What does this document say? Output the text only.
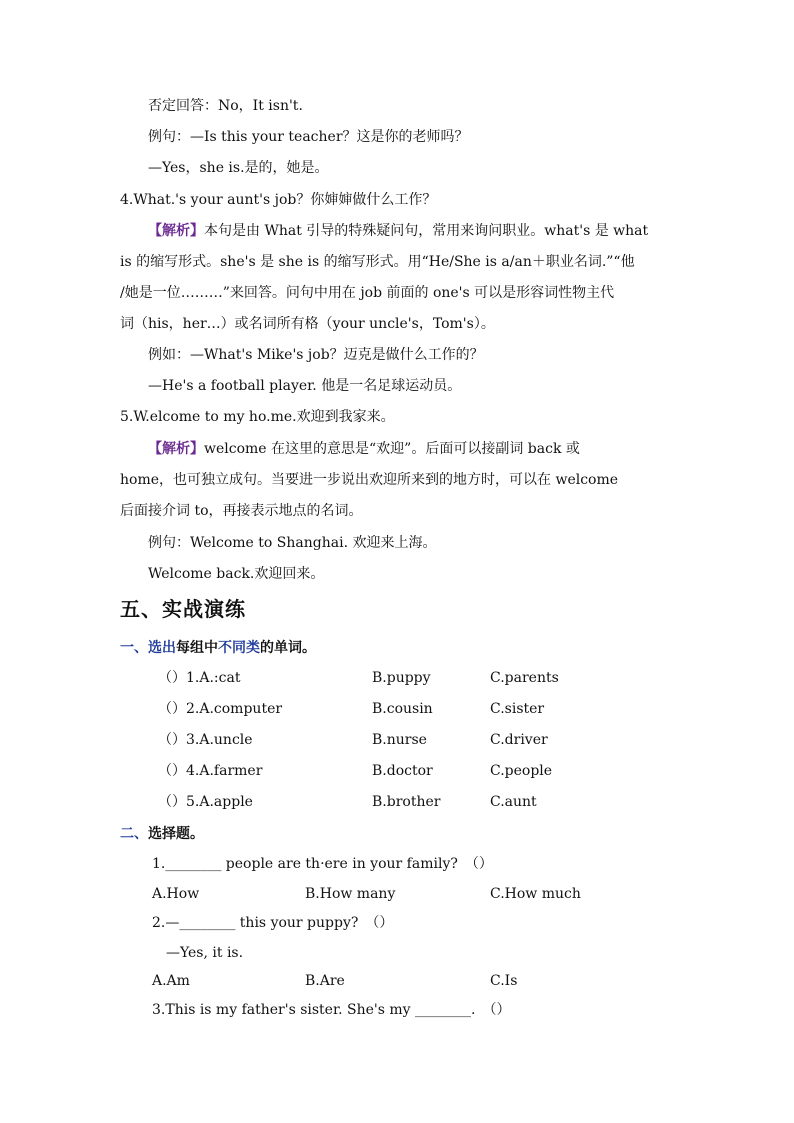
否定回答：No，It isn't.
例句：—Is this your teacher？这是你的老师吗？
—Yes，she is.是的，她是。
4.What.'s your aunt's job？你婶婶做什么工作？
【解析】本句是由 What 引导的特殊疑问句，常用来询问职业。what's 是 what
is 的缩写形式。she's 是 she is 的缩写形式。用“He/She is a/an＋职业名词.”“他
/她是一位………”来回答。问句中用在 job 前面的 one's 可以是形容词性物主代
词（his，her…）或名词所有格（your uncle's，Tom's）。
例如：—What's Mike's job？迈克是做什么工作的？
—He's a football player. 他是一名足球运动员。
5.W.elcome to my ho.me.欢迎到我家来。
【解析】welcome 在这里的意思是“欢迎”。后面可以接副词 back 或
home，也可独立成句。当要进一步说出欢迎所来到的地方时，可以在 welcome
后面接介词 to，再接表示地点的名词。
例句：Welcome to Shanghai. 欢迎来上海。
Welcome back.欢迎回来。
五、实战演练
一、选出每组中不同类的单词。
（）1.A.:cat	B.puppy	C.parents
（）2.A.computer	B.cousin	C.sister
（）3.A.uncle	B.nurse	C.driver
（）4.A.farmer	B.doctor	C.people
（）5.A.apple	B.brother	C.aunt
二、选择题。
1.________ people are th·ere in your family?　（）
A.How	B.How many	C.How much
2.—________ this your puppy?　（）
—Yes, it is.
A.Am	B.Are	C.Is
3.This is my father's sister. She's my ________.　（）
